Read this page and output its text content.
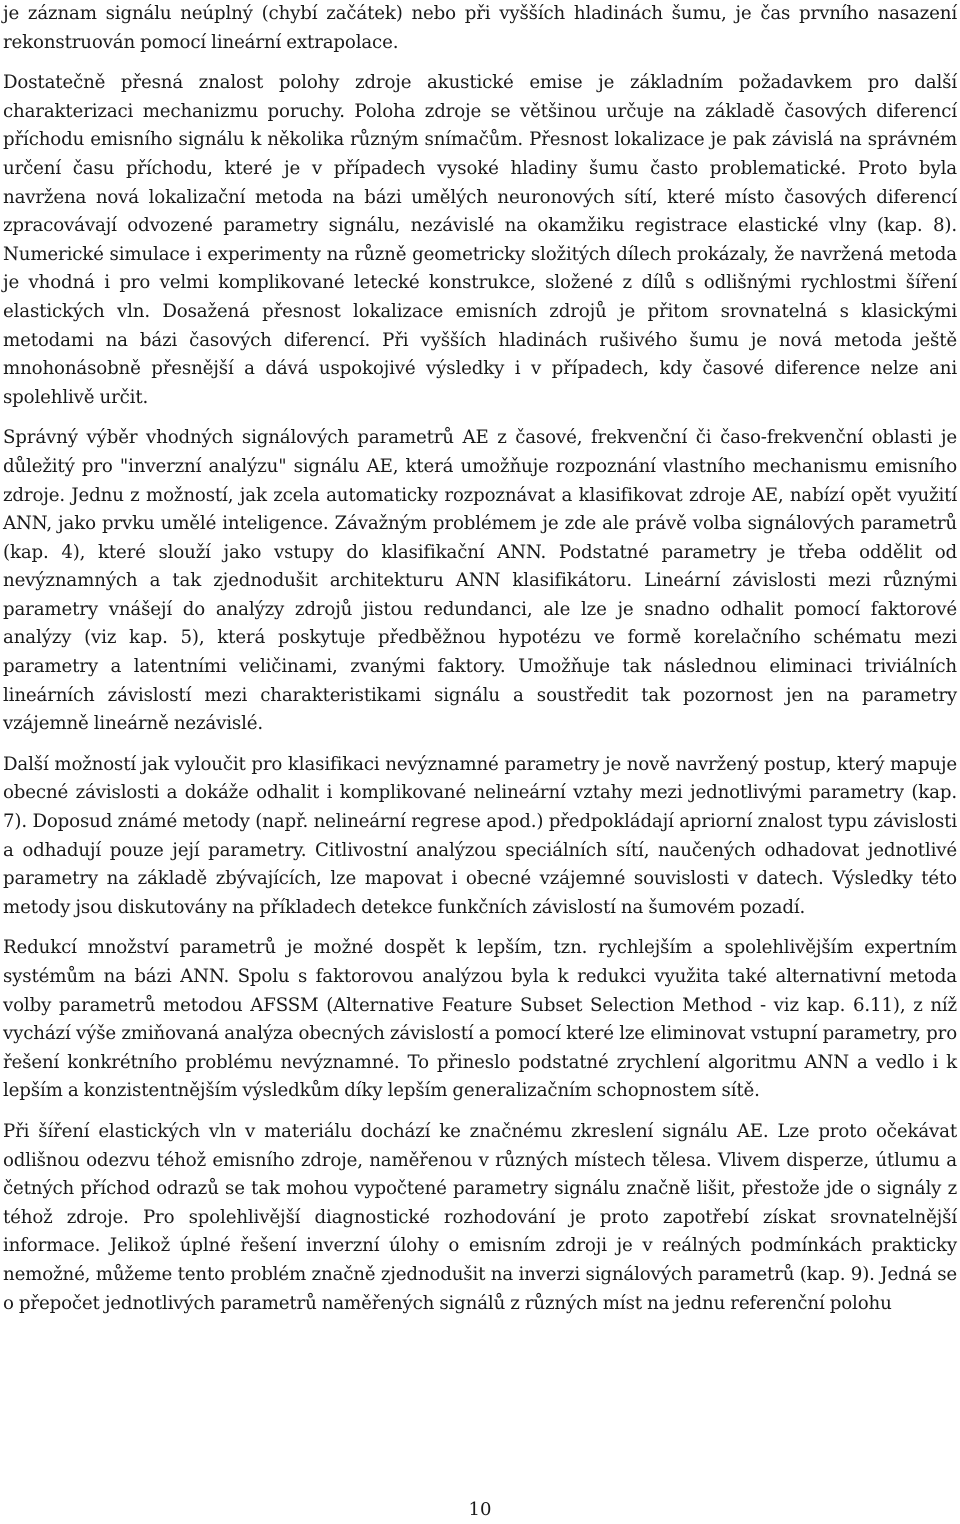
je záznam signálu neúplný (chybí začátek) nebo při vyšších hladinách šumu, je čas prvního nasazení rekonstruován pomocí lineární extrapolace.

Dostatečně přesná znalost polohy zdroje akustické emise je základním požadavkem pro další charakterizaci mechanizmu poruchy. Poloha zdroje se většinou určuje na základě časových diferencí příchodu emisního signálu k několika různým snímačům. Přesnost lokalizace je pak závislá na správném určení času příchodu, které je v případech vysoké hladiny šumu často problematické. Proto byla navržena nová lokalizační metoda na bázi umělých neuronových sítí, které místo časových diferencí zpracovávají odvozené parametry signálu, nezávislé na okamžiku registrace elastické vlny (kap. 8). Numerické simulace i experimenty na různě geometricky složitých dílech prokázaly, že navržená metoda je vhodná i pro velmi komplikované letecké konstrukce, složené z dílů s odlišnými rychlostmi šíření elastických vln. Dosažená přesnost lokalizace emisních zdrojů je přitom srovnatelná s klasickými metodami na bázi časových diferencí. Při vyšších hladinách rušivého šumu je nová metoda ještě mnohonásobně přesnější a dává uspokojivé výsledky i v případech, kdy časové diference nelze ani spolehlivě určit.

Správný výběr vhodných signálových parametrů AE z časové, frekvenční či časo-frekvenční oblasti je důležitý pro "inverzní analýzu" signálu AE, která umožňuje rozpoznání vlastního mechanismu emisního zdroje. Jednu z možností, jak zcela automaticky rozpoznávat a klasifikovat zdroje AE, nabízí opět využití ANN, jako prvku umělé inteligence. Závažným problémem je zde ale právě volba signálových parametrů (kap. 4), které slouží jako vstupy do klasifikační ANN. Podstatné parametry je třeba oddělit od nevýznamných a tak zjednodušit architekturu ANN klasifikátoru. Lineární závislosti mezi různými parametry vnášejí do analýzy zdrojů jistou redundanci, ale lze je snadno odhalit pomocí faktorové analýzy (viz kap. 5), která poskytuje předběžnou hypotézu ve formě korelačního schématu mezi parametry a latentními veličinami, zvanými faktory. Umožňuje tak následnou eliminaci triviálních lineárních závislostí mezi charakteristikami signálu a soustředit tak pozornost jen na parametry vzájemně lineárně nezávislé.

Další možností jak vyloučit pro klasifikaci nevýznamné parametry je nově navržený postup, který mapuje obecné závislosti a dokáže odhalit i komplikované nelineární vztahy mezi jednotlivými parametry (kap. 7). Doposud známé metody (např. nelineární regrese apod.) předpokládají apriorní znalost typu závislosti a odhadují pouze její parametry. Citlivostní analýzou speciálních sítí, naučených odhadovat jednotlivé parametry na základě zbývajících, lze mapovat i obecné vzájemné souvislosti v datech. Výsledky této metody jsou diskutovány na příkladech detekce funkčních závislostí na šumovém pozadí.

Redukcí množství parametrů je možné dospět k lepším, tzn. rychlejším a spolehlivějším expertním systémům na bázi ANN. Spolu s faktorovou analýzou byla k redukci využita také alternativní metoda volby parametrů metodou AFSSM (Alternative Feature Subset Selection Method - viz kap. 6.11), z níž vychází výše zmiňovaná analýza obecných závislostí a pomocí které lze eliminovat vstupní parametry, pro řešení konkrétního problému nevýznamné. To přineslo podstatné zrychlení algoritmu ANN a vedlo i k lepším a konzistentnějším výsledkům díky lepším generalizačním schopnostem sítě.

Při šíření elastických vln v materiálu dochází ke značnému zkreslení signálu AE. Lze proto očekávat odlišnou odezvu téhož emisního zdroje, naměřenou v různých místech tělesa. Vlivem disperze, útlumu a četných příchod odrazů se tak mohou vypočtené parametry signálu značně lišit, přestože jde o signály z téhož zdroje. Pro spolehlivější diagnostické rozhodování je proto zapotřebí získat srovnatelnější informace. Jelikož úplné řešení inverzní úlohy o emisním zdroji je v reálných podmínkách prakticky nemožné, můžeme tento problém značně zjednodušit na inverzi signálových parametrů (kap. 9). Jedná se o přepočet jednotlivých parametrů naměřených signálů z různých míst na jednu referenční polohu

10
